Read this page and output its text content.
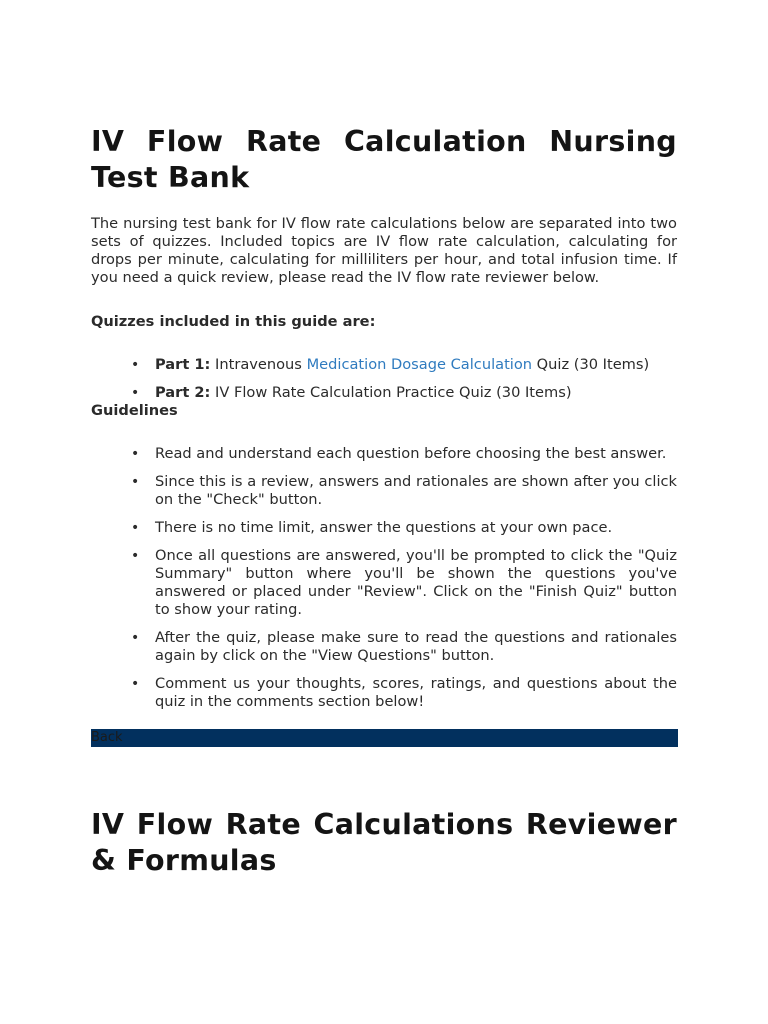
IV Flow Rate Calculation Nursing Test Bank

The nursing test bank for IV flow rate calculations below are separated into two sets of quizzes. Included topics are IV flow rate calculation, calculating for drops per minute, calculating for milliliters per hour, and total infusion time. If you need a quick review, please read the IV flow rate reviewer below.

Quizzes included in this guide are:

• Part 1: Intravenous Medication Dosage Calculation Quiz (30 Items)
• Part 2: IV Flow Rate Calculation Practice Quiz (30 Items)

Guidelines

• Read and understand each question before choosing the best answer.
• Since this is a review, answers and rationales are shown after you click on the "Check" button.
• There is no time limit, answer the questions at your own pace.
• Once all questions are answered, you'll be prompted to click the "Quiz Summary" button where you'll be shown the questions you've answered or placed under "Review". Click on the "Finish Quiz" button to show your rating.
• After the quiz, please make sure to read the questions and rationales again by click on the "View Questions" button.
• Comment us your thoughts, scores, ratings, and questions about the quiz in the comments section below!
IV Flow Rate Calculations Reviewer & Formulas
Back
